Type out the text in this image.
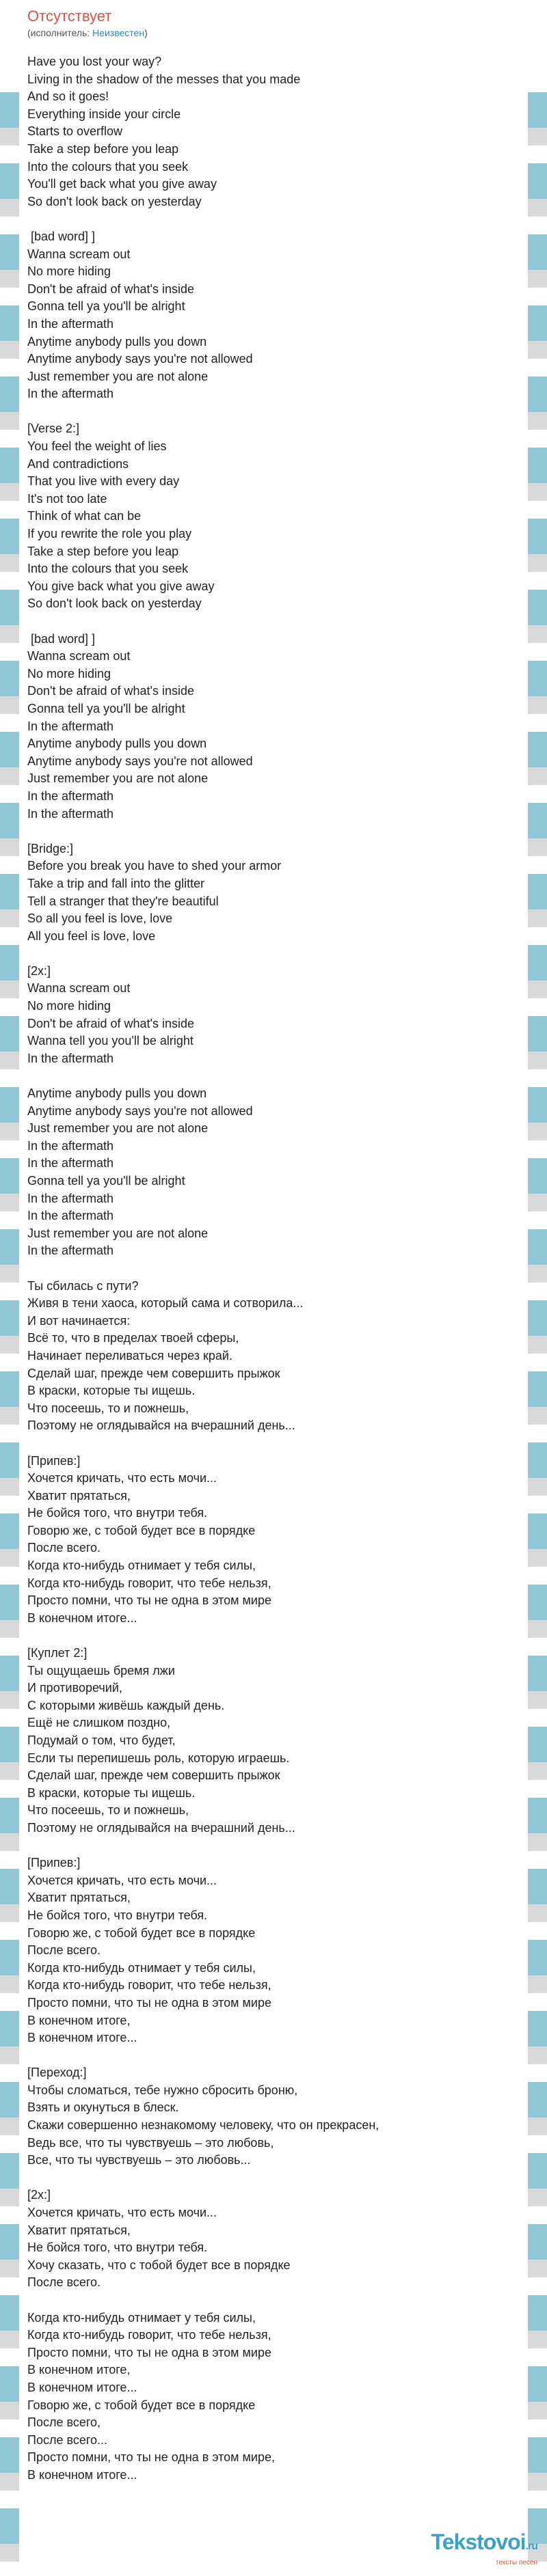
Отсутствует
(исполнитель: Неизвестен)
Have you lost your way?
Living in the shadow of the messes that you made
And so it goes!
Everything inside your circle
Starts to overflow
Take a step before you leap
Into the colours that you seek
You'll get back what you give away
So don't look back on yesterday
[bad word] ]
Wanna scream out
No more hiding
Don't be afraid of what's inside
Gonna tell ya you'll be alright
In the aftermath
Anytime anybody pulls you down
Anytime anybody says you're not allowed
Just remember you are not alone
In the aftermath
[Verse 2:]
You feel the weight of lies
And contradictions
That you live with every day
It's not too late
Think of what can be
If you rewrite the role you play
Take a step before you leap
Into the colours that you seek
You give back what you give away
So don't look back on yesterday
[bad word] ]
Wanna scream out
No more hiding
Don't be afraid of what's inside
Gonna tell ya you'll be alright
In the aftermath
Anytime anybody pulls you down
Anytime anybody says you're not allowed
Just remember you are not alone
In the aftermath
In the aftermath
[Bridge:]
Before you break you have to shed your armor
Take a trip and fall into the glitter
Tell a stranger that they're beautiful
So all you feel is love, love
All you feel is love, love
[2x:]
Wanna scream out
No more hiding
Don't be afraid of what's inside
Wanna tell you you'll be alright
In the aftermath
Anytime anybody pulls you down
Anytime anybody says you're not allowed
Just remember you are not alone
In the aftermath
In the aftermath
Gonna tell ya you'll be alright
In the aftermath
In the aftermath
Just remember you are not alone
In the aftermath
Ты сбилась с пути?
Живя в тени хаоса, который сама и сотворила...
И вот начинается:
Всё то, что в пределах твоей сферы,
Начинает переливаться через край.
Сделай шаг, прежде чем совершить прыжок
В краски, которые ты ищешь.
Что посеешь, то и пожнешь,
Поэтому не оглядывайся на вчерашний день...
[Припев:]
Хочется кричать, что есть мочи...
Хватит прятаться,
Не бойся того, что внутри тебя.
Говорю же, с тобой будет все в порядке
После всего.
Когда кто-нибудь отнимает у тебя силы,
Когда кто-нибудь говорит, что тебе нельзя,
Просто помни, что ты не одна в этом мире
В конечном итоге...
[Куплет 2:]
Ты ощущаешь бремя лжи
И противоречий,
С которыми живёшь каждый день.
Ещё не слишком поздно,
Подумай о том, что будет,
Если ты перепишешь роль, которую играешь.
Сделай шаг, прежде чем совершить прыжок
В краски, которые ты ищешь.
Что посеешь, то и пожнешь,
Поэтому не оглядывайся на вчерашний день...
[Припев:]
Хочется кричать, что есть мочи...
Хватит прятаться,
Не бойся того, что внутри тебя.
Говорю же, с тобой будет все в порядке
После всего.
Когда кто-нибудь отнимает у тебя силы,
Когда кто-нибудь говорит, что тебе нельзя,
Просто помни, что ты не одна в этом мире
В конечном итоге,
В конечном итоге...
[Переход:]
Чтобы сломаться, тебе нужно сбросить броню,
Взять и окунуться в блеск.
Скажи совершенно незнакомому человеку, что он прекрасен,
Ведь все, что ты чувствуешь – это любовь,
Все, что ты чувствуешь – это любовь...
[2x:]
Хочется кричать, что есть мочи...
Хватит прятаться,
Не бойся того, что внутри тебя.
Хочу сказать, что с тобой будет все в порядке
После всего.
Когда кто-нибудь отнимает у тебя силы,
Когда кто-нибудь говорит, что тебе нельзя,
Просто помни, что ты не одна в этом мире
В конечном итоге,
В конечном итоге...
Говорю же, с тобой будет все в порядке
После всего,
После всего...
Просто помни, что ты не одна в этом мире,
В конечном итоге...
Tekstovoi.ru
тексты песен
